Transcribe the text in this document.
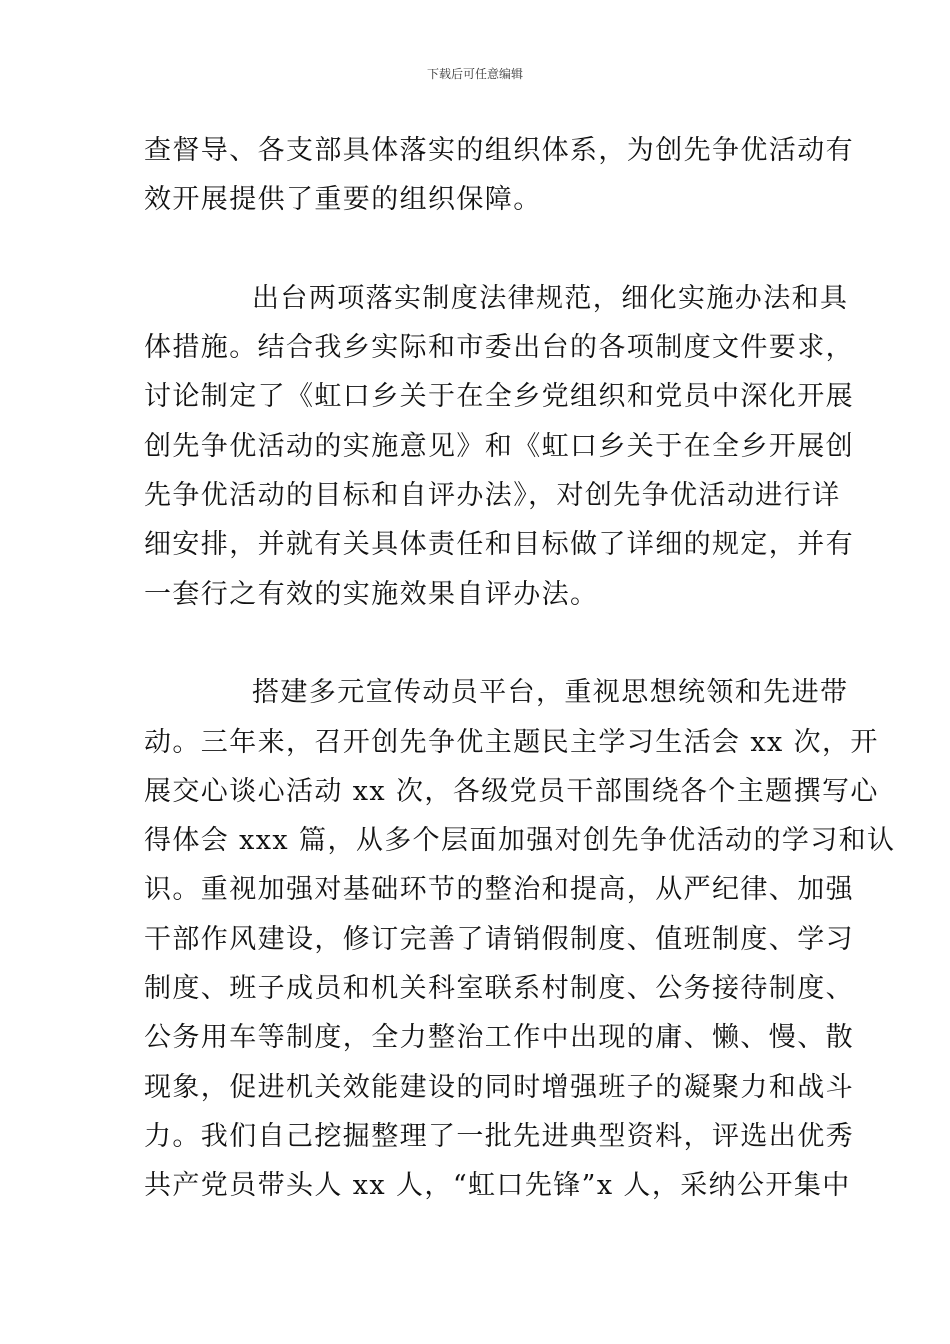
下载后可任意编辑
查督导、各支部具体落实的组织体系，为创先争优活动有
效开展提供了重要的组织保障。
出台两项落实制度法律规范，细化实施办法和具
体措施。结合我乡实际和市委出台的各项制度文件要求，
讨论制定了《虹口乡关于在全乡党组织和党员中深化开展
创先争优活动的实施意见》和《虹口乡关于在全乡开展创
先争优活动的目标和自评办法》，对创先争优活动进行详
细安排，并就有关具体责任和目标做了详细的规定，并有
一套行之有效的实施效果自评办法。
搭建多元宣传动员平台，重视思想统领和先进带
动。三年来，召开创先争优主题民主学习生活会 xx 次，开
展交心谈心活动 xx 次，各级党员干部围绕各个主题撰写心
得体会 xxx 篇，从多个层面加强对创先争优活动的学习和认
识。重视加强对基础环节的整治和提高，从严纪律、加强
干部作风建设，修订完善了请销假制度、值班制度、学习
制度、班子成员和机关科室联系村制度、公务接待制度、
公务用车等制度，全力整治工作中出现的庸、懒、慢、散
现象，促进机关效能建设的同时增强班子的凝聚力和战斗
力。我们自己挖掘整理了一批先进典型资料，评选出优秀
共产党员带头人 xx 人，“虹口先锋”x 人，采纳公开集中
